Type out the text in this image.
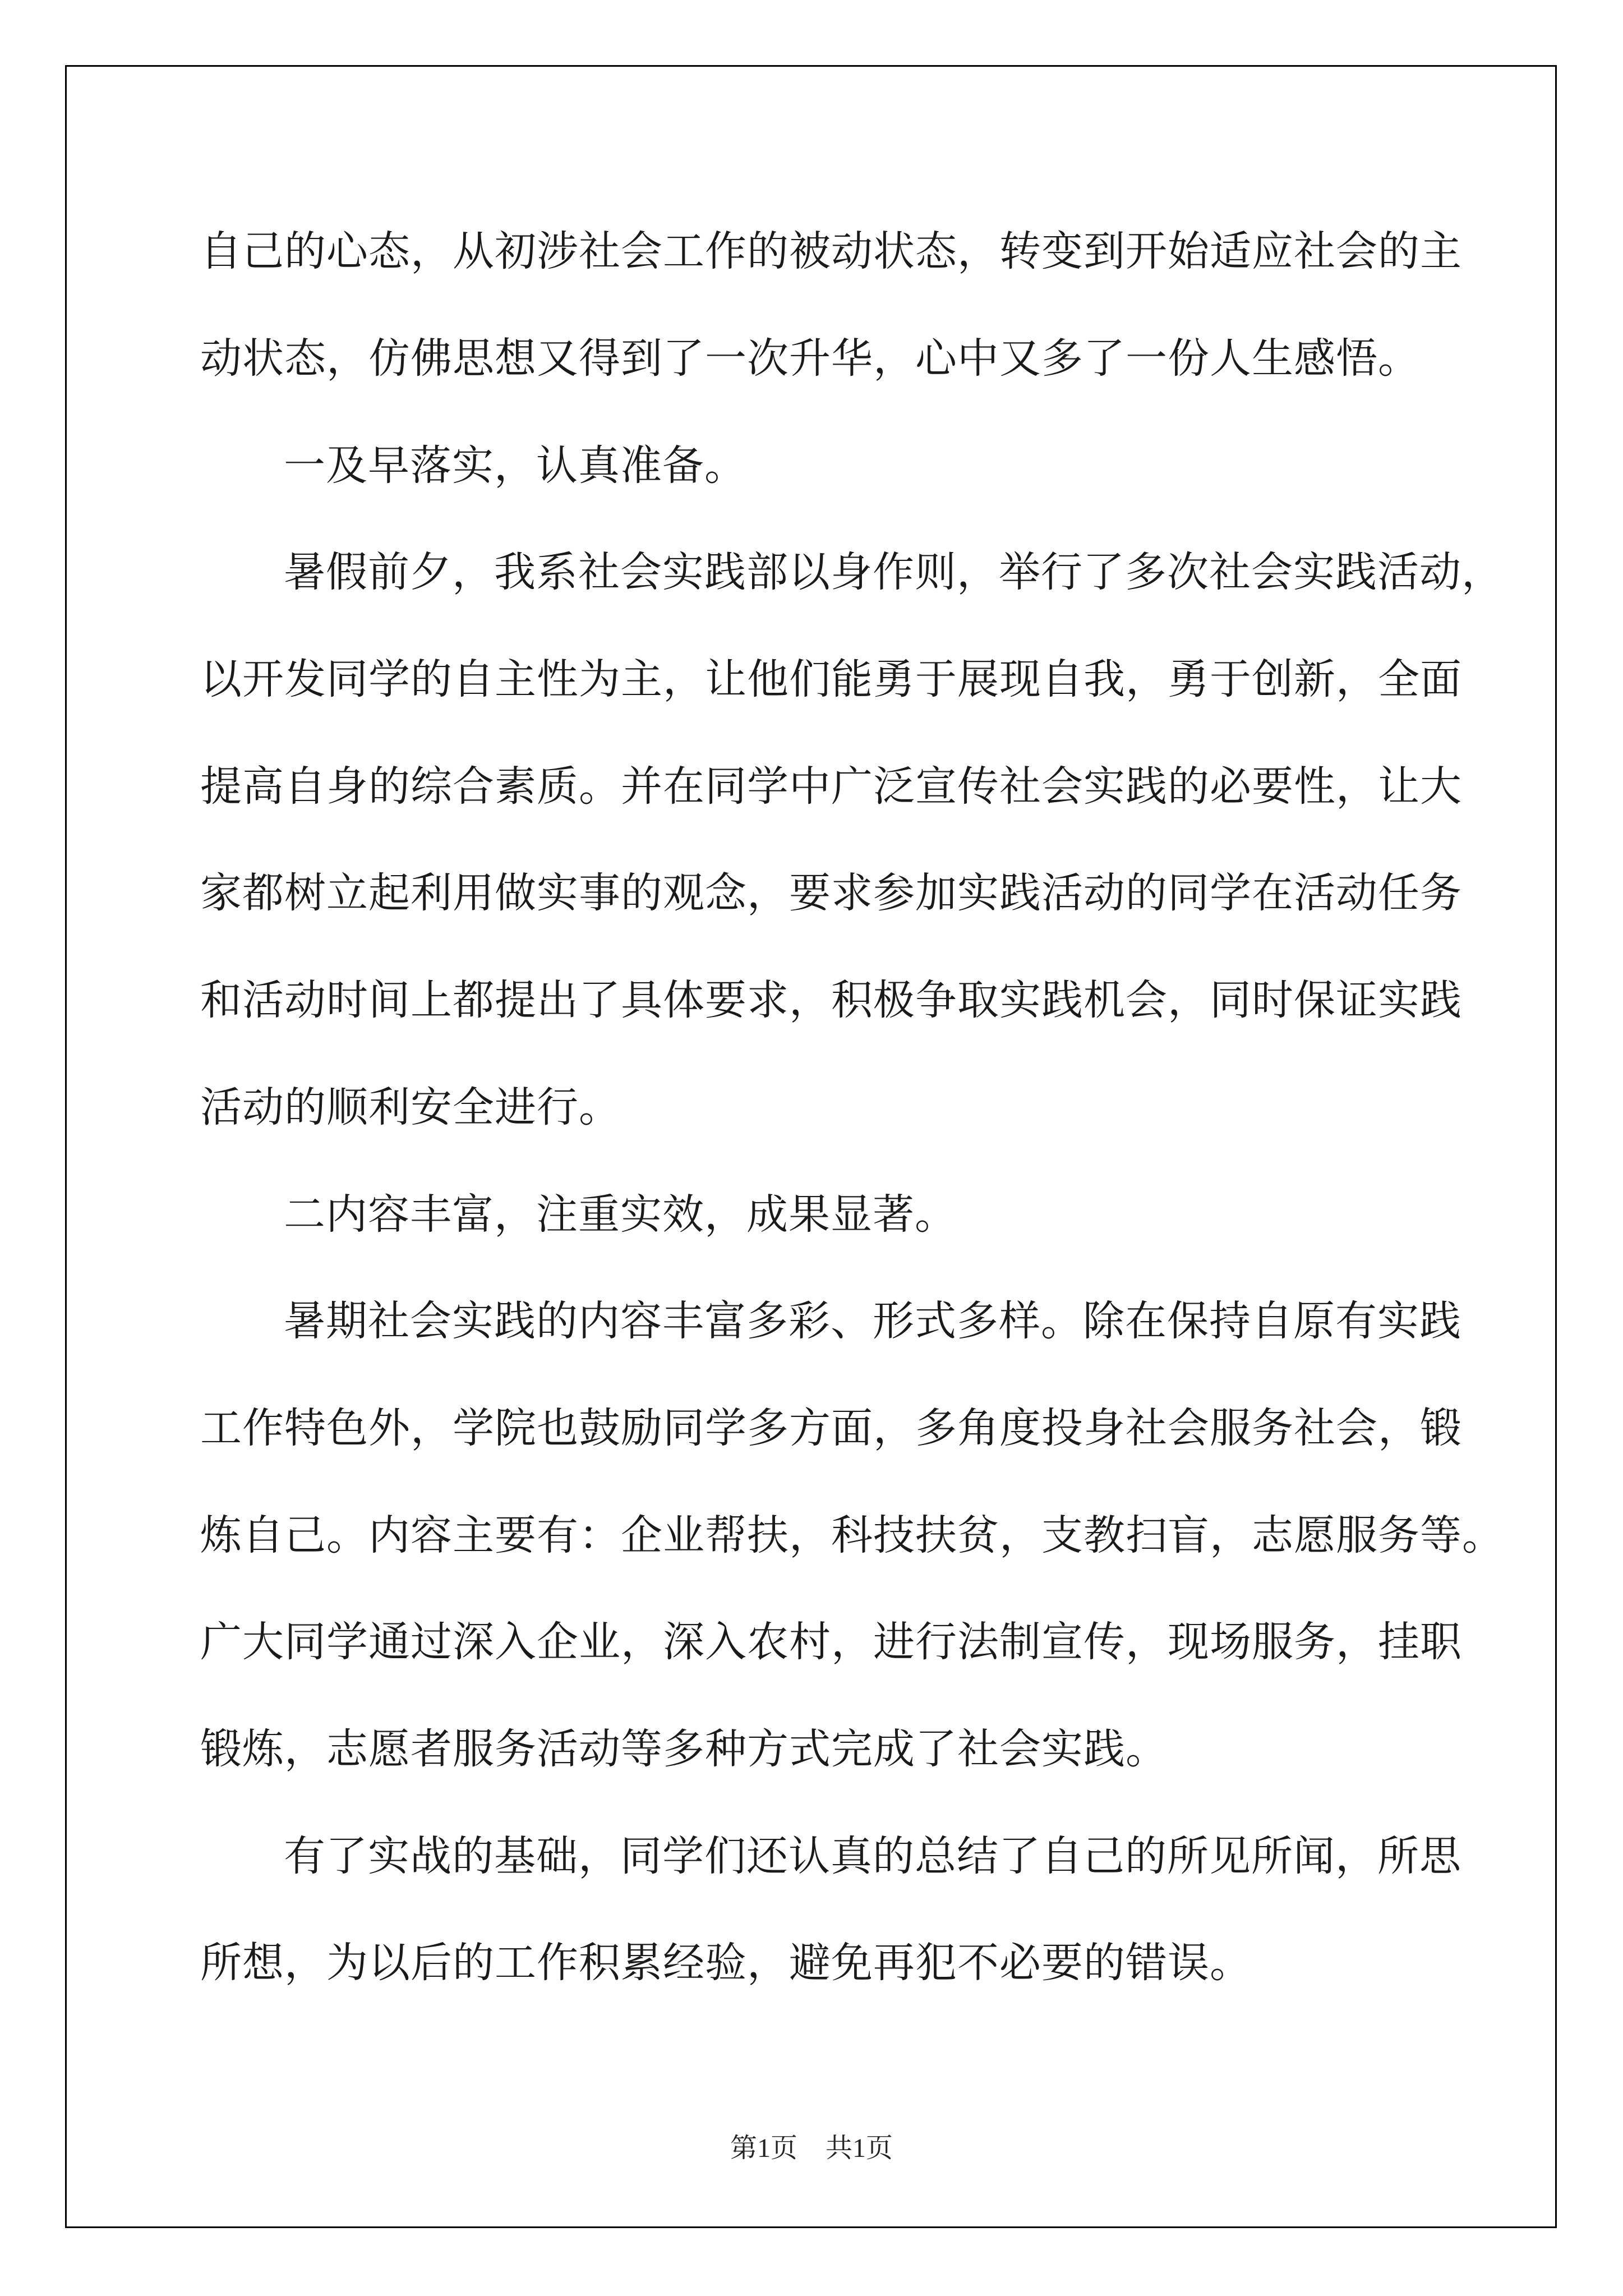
自己的心态，从初涉社会工作的被动状态，转变到开始适应社会的主
动状态，仿佛思想又得到了一次升华，心中又多了一份人生感悟。
一及早落实，认真准备。
暑假前夕，我系社会实践部以身作则，举行了多次社会实践活动，
以开发同学的自主性为主，让他们能勇于展现自我，勇于创新，全面
提高自身的综合素质。并在同学中广泛宣传社会实践的必要性，让大
家都树立起利用做实事的观念，要求参加实践活动的同学在活动任务
和活动时间上都提出了具体要求，积极争取实践机会，同时保证实践
活动的顺利安全进行。
二内容丰富，注重实效，成果显著。
暑期社会实践的内容丰富多彩、形式多样。除在保持自原有实践
工作特色外，学院也鼓励同学多方面，多角度投身社会服务社会，锻
炼自己。内容主要有：企业帮扶，科技扶贫，支教扫盲，志愿服务等。
广大同学通过深入企业，深入农村，进行法制宣传，现场服务，挂职
锻炼，志愿者服务活动等多种方式完成了社会实践。
有了实战的基础，同学们还认真的总结了自己的所见所闻，所思
所想，为以后的工作积累经验，避免再犯不必要的错误。
第1页 共1页
